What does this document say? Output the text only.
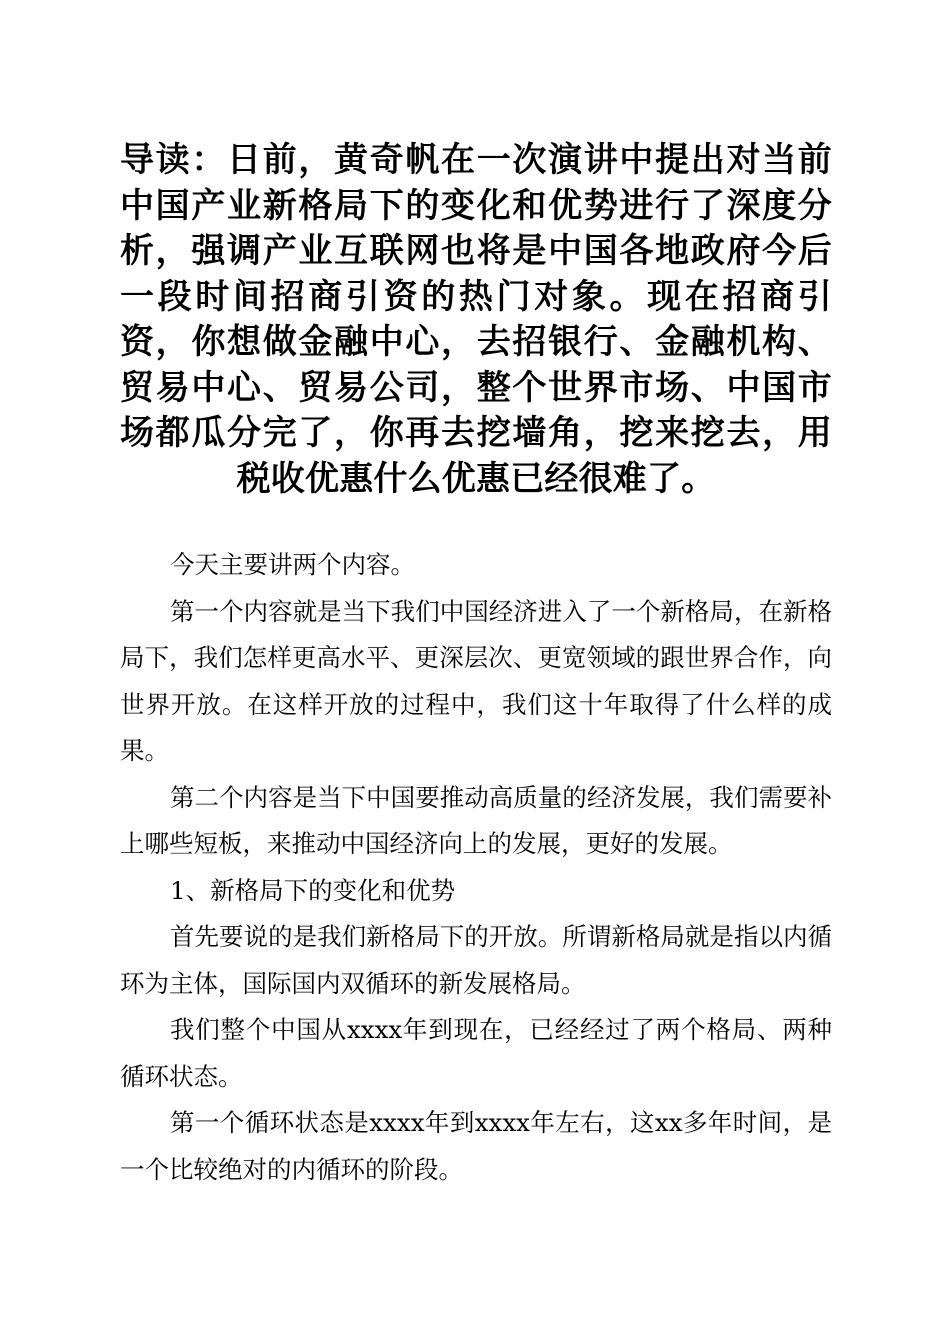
导读：日前，黄奇帆在一次演讲中提出对当前中国产业新格局下的变化和优势进行了深度分析，强调产业互联网也将是中国各地政府今后一段时间招商引资的热门对象。现在招商引资，你想做金融中心，去招银行、金融机构、贸易中心、贸易公司，整个世界市场、中国市场都瓜分完了，你再去挖墙角，挖来挖去，用税收优惠什么优惠已经很难了。

今天主要讲两个内容。

第一个内容就是当下我们中国经济进入了一个新格局，在新格局下，我们怎样更高水平、更深层次、更宽领域的跟世界合作，向世界开放。在这样开放的过程中，我们这十年取得了什么样的成果。

第二个内容是当下中国要推动高质量的经济发展，我们需要补上哪些短板，来推动中国经济向上的发展，更好的发展。

1、新格局下的变化和优势

首先要说的是我们新格局下的开放。所谓新格局就是指以内循环为主体，国际国内双循环的新发展格局。

我们整个中国从xxxx年到现在，已经经过了两个格局、两种循环状态。

第一个循环状态是xxxx年到xxxx年左右，这xx多年时间，是一个比较绝对的内循环的阶段。
